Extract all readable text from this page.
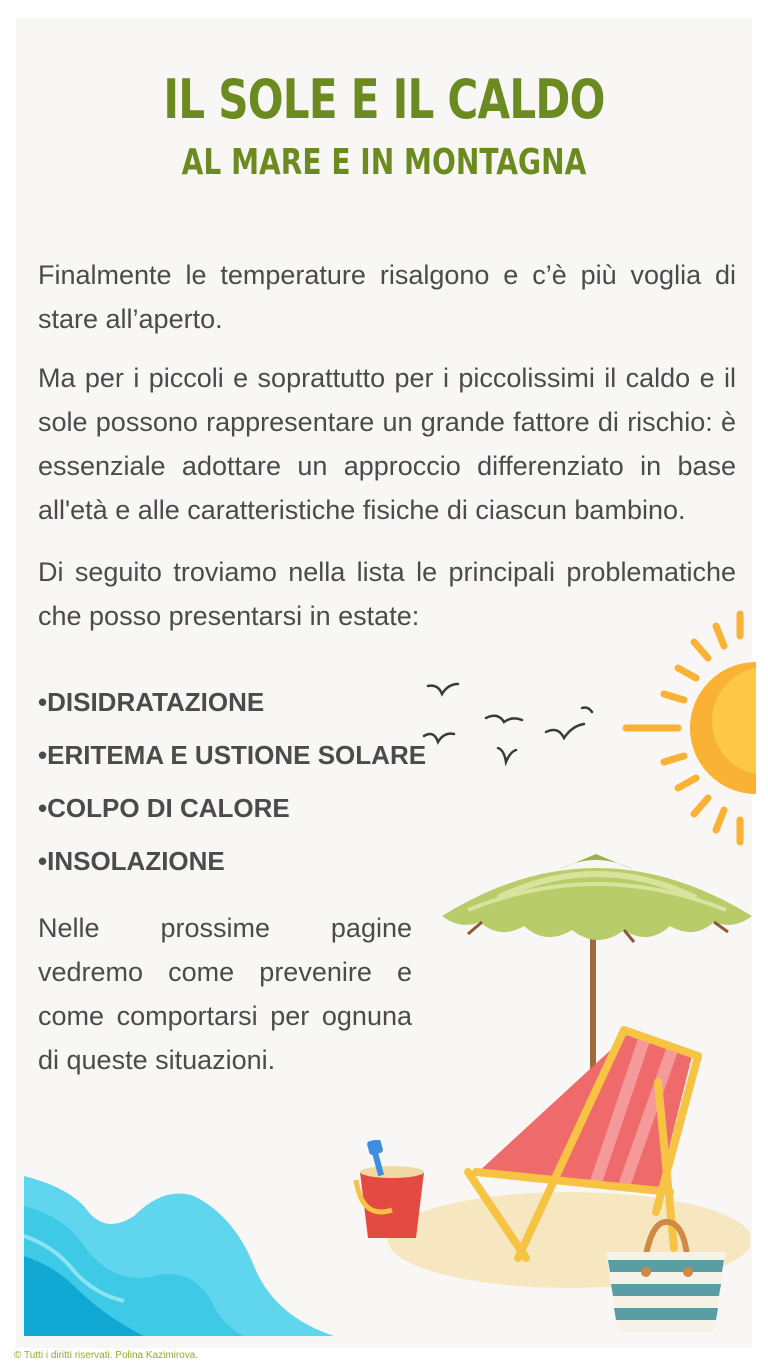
IL SOLE E IL CALDO
AL MARE E IN MONTAGNA

Finalmente le temperature risalgono e c’è più voglia di stare all’aperto.

Ma per i piccoli e soprattutto per i piccolissimi il caldo e il sole possono rappresentare un grande fattore di rischio: è essenziale adottare un approccio differenziato in base all'età e alle caratteristiche fisiche di ciascun bambino.

Di seguito troviamo nella lista le principali problematiche che posso presentarsi in estate:

•DISIDRATAZIONE
•ERITEMA E USTIONE SOLARE
•COLPO DI CALORE
•INSOLAZIONE

Nelle prossime pagine vedremo come prevenire e come comportarsi per ognuna di queste situazioni.

© Tutti i diritti riservati. Polina Kazimirova.
